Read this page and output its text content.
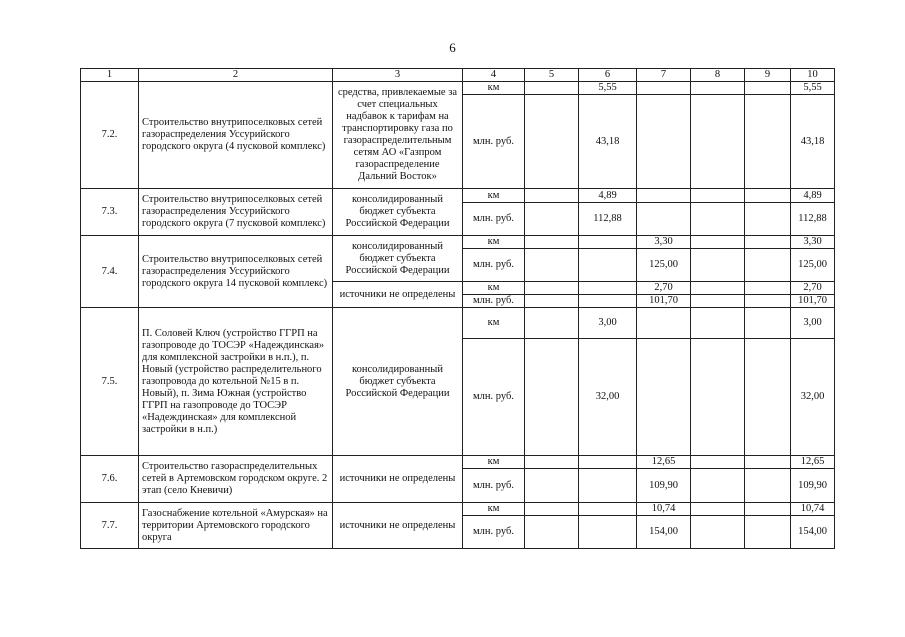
6
1	2	3	4	5	6	7	8	9	10
7.2.	Строительство внутрипоселковых сетей газораспределения Уссурийского городского округа (4 пусковой комплекс)	средства, привлекаемые за счет специальных надбавок к тарифам на транспортировку газа по газораспределительным сетям АО «Газпром газораспределение Дальний Восток»	км		5,55				5,55
			млн. руб.		43,18				43,18
7.3.	Строительство внутрипоселковых сетей газораспределения Уссурийского городского округа (7 пусковой комплекс)	консолидированный бюджет субъекта Российской Федерации	км		4,89				4,89
			млн. руб.		112,88				112,88
7.4.	Строительство внутрипоселковых сетей газораспределения Уссурийского городского округа 14 пусковой комплекс)	консолидированный бюджет субъекта Российской Федерации	км			3,30			3,30
			млн. руб.			125,00			125,00
		источники не определены	км			2,70			2,70
			млн. руб.			101,70			101,70
7.5.	П. Соловей Ключ (устройство ГГРП на газопроводе до ТОСЭР «Надеждинская» для комплексной застройки в н.п.), п. Новый (устройство распределительного газопровода до котельной №15 в п. Новый), п. Зима Южная (устройство ГГРП на газопроводе до ТОСЭР «Надеждинская» для комплексной застройки в н.п.)	консолидированный бюджет субъекта Российской Федерации	км		3,00				3,00
			млн. руб.		32,00				32,00
7.6.	Строительство газораспределительных сетей в Артемовском городском округе. 2 этап (село Кневичи)	источники не определены	км			12,65			12,65
			млн. руб.			109,90			109,90
7.7.	Газоснабжение котельной «Амурская» на территории Артемовского городского округа	источники не определены	км			10,74			10,74
			млн. руб.			154,00			154,00
